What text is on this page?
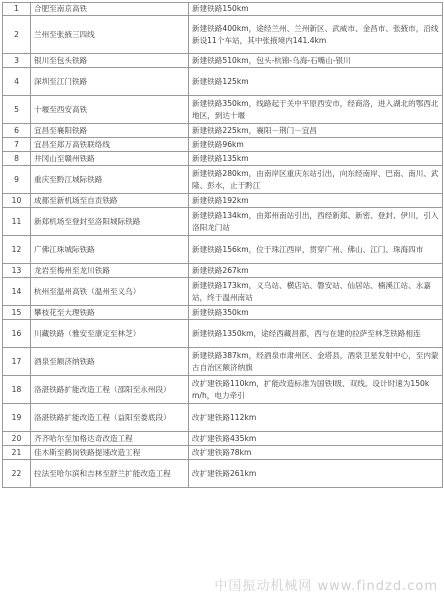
1	合肥至南京高铁	新建铁路150km
2	兰州至张掖三四线	新建铁路400km，途经兰州、兰州新区、武威市、金昌市、张掖市，沿线新设11个车站，其中张掖境内141.4km
3	银川至包头铁路	新建铁路510km，包头-杭锦-乌海-石嘴山-银川
4	深圳至江门铁路	新建铁路125km
5	十堰至西安高铁	新建铁路350km，线路起于关中平原西安市，经商洛，进入湖北的鄂西北地区，到达十堰
6	宜昌至襄阳铁路	新建铁路225km，襄阳－荆门－宜昌
7	宜昌至郑万高铁联络线	新建铁路96km
8	井冈山至赣州铁路	新建铁路135km
9	重庆至黔江城际铁路	新建铁路280km，由南岸区重庆东站引出，向东经南岸、巴南、南川、武隆、彭水，止于黔江
10	成都至新机场至自贡铁路	新建铁路192km
11	新郑机场至登封至洛阳城际铁路	新建铁路134km，由郑州南站引出，西经新郑、新密、登封、伊川，引入洛阳龙门站
12	广佛江珠城际铁路	新建铁路156km，位于珠江西岸，贯穿广州、佛山、江门、珠海四市
13	龙岩至梅州至龙川铁路	新建铁路267km
14	杭州至温州高铁（温州至义乌）	新建铁路173km，义乌站、横店站、磐安站、仙居站、楠溪江站、永嘉站，终于温州南站
15	攀枝花至大理铁路	新建铁路350km
16	川藏铁路（雅安至康定至林芝）	新建铁路1350km，途经西藏昌都，西与在建的拉萨至林芝铁路相连
17	酒泉至额济纳铁路	新建铁路387km，经酒泉市肃州区、金塔县，酒泉卫星发射中心，至内蒙古自治区额济纳旗
18	洛湛铁路扩能改造工程（邵阳至永州段）	改扩建铁路110km，扩能改造标准为国铁Ⅰ级、双线。设计时速为150km/h，电力牵引
19	洛湛铁路扩能改造工程（益阳至娄底段）	改扩建铁路112km
20	齐齐哈尔至加格达奇改造工程	改扩建铁路435km
21	佳木斯至鹤岗铁路提速改造工程	改扩建铁路78km
22	拉法至哈尔滨和吉林至舒兰扩能改造工程	改扩建铁路261km
中国振动机械网 www.findzd.com
